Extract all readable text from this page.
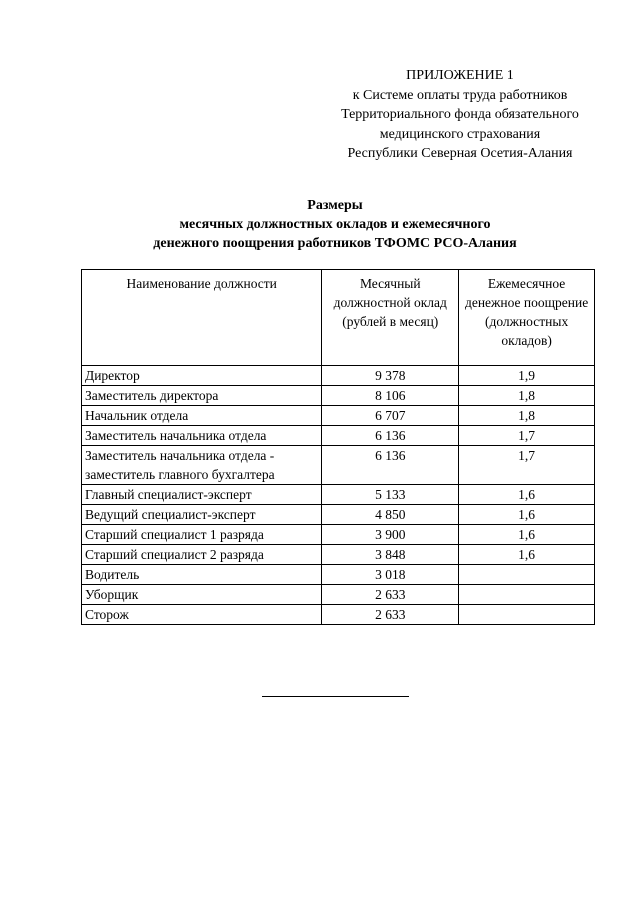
ПРИЛОЖЕНИЕ 1
к Системе оплаты труда работников
Территориального фонда обязательного
медицинского страхования
Республики Северная Осетия-Алания
Размеры
месячных должностных окладов и ежемесячного
денежного поощрения работников ТФОМС РСО-Алания
Наименование должности	Месячный должностной оклад (рублей в месяц)	Ежемесячное денежное поощрение (должностных окладов)
Директор	9 378	1,9
Заместитель директора	8 106	1,8
Начальник отдела	6 707	1,8
Заместитель начальника отдела	6 136	1,7
Заместитель начальника отдела - заместитель главного бухгалтера	6 136	1,7
Главный специалист-эксперт	5 133	1,6
Ведущий специалист-эксперт	4 850	1,6
Старший специалист 1 разряда	3 900	1,6
Старший специалист 2 разряда	3 848	1,6
Водитель	3 018	
Уборщик	2 633	
Сторож	2 633	
